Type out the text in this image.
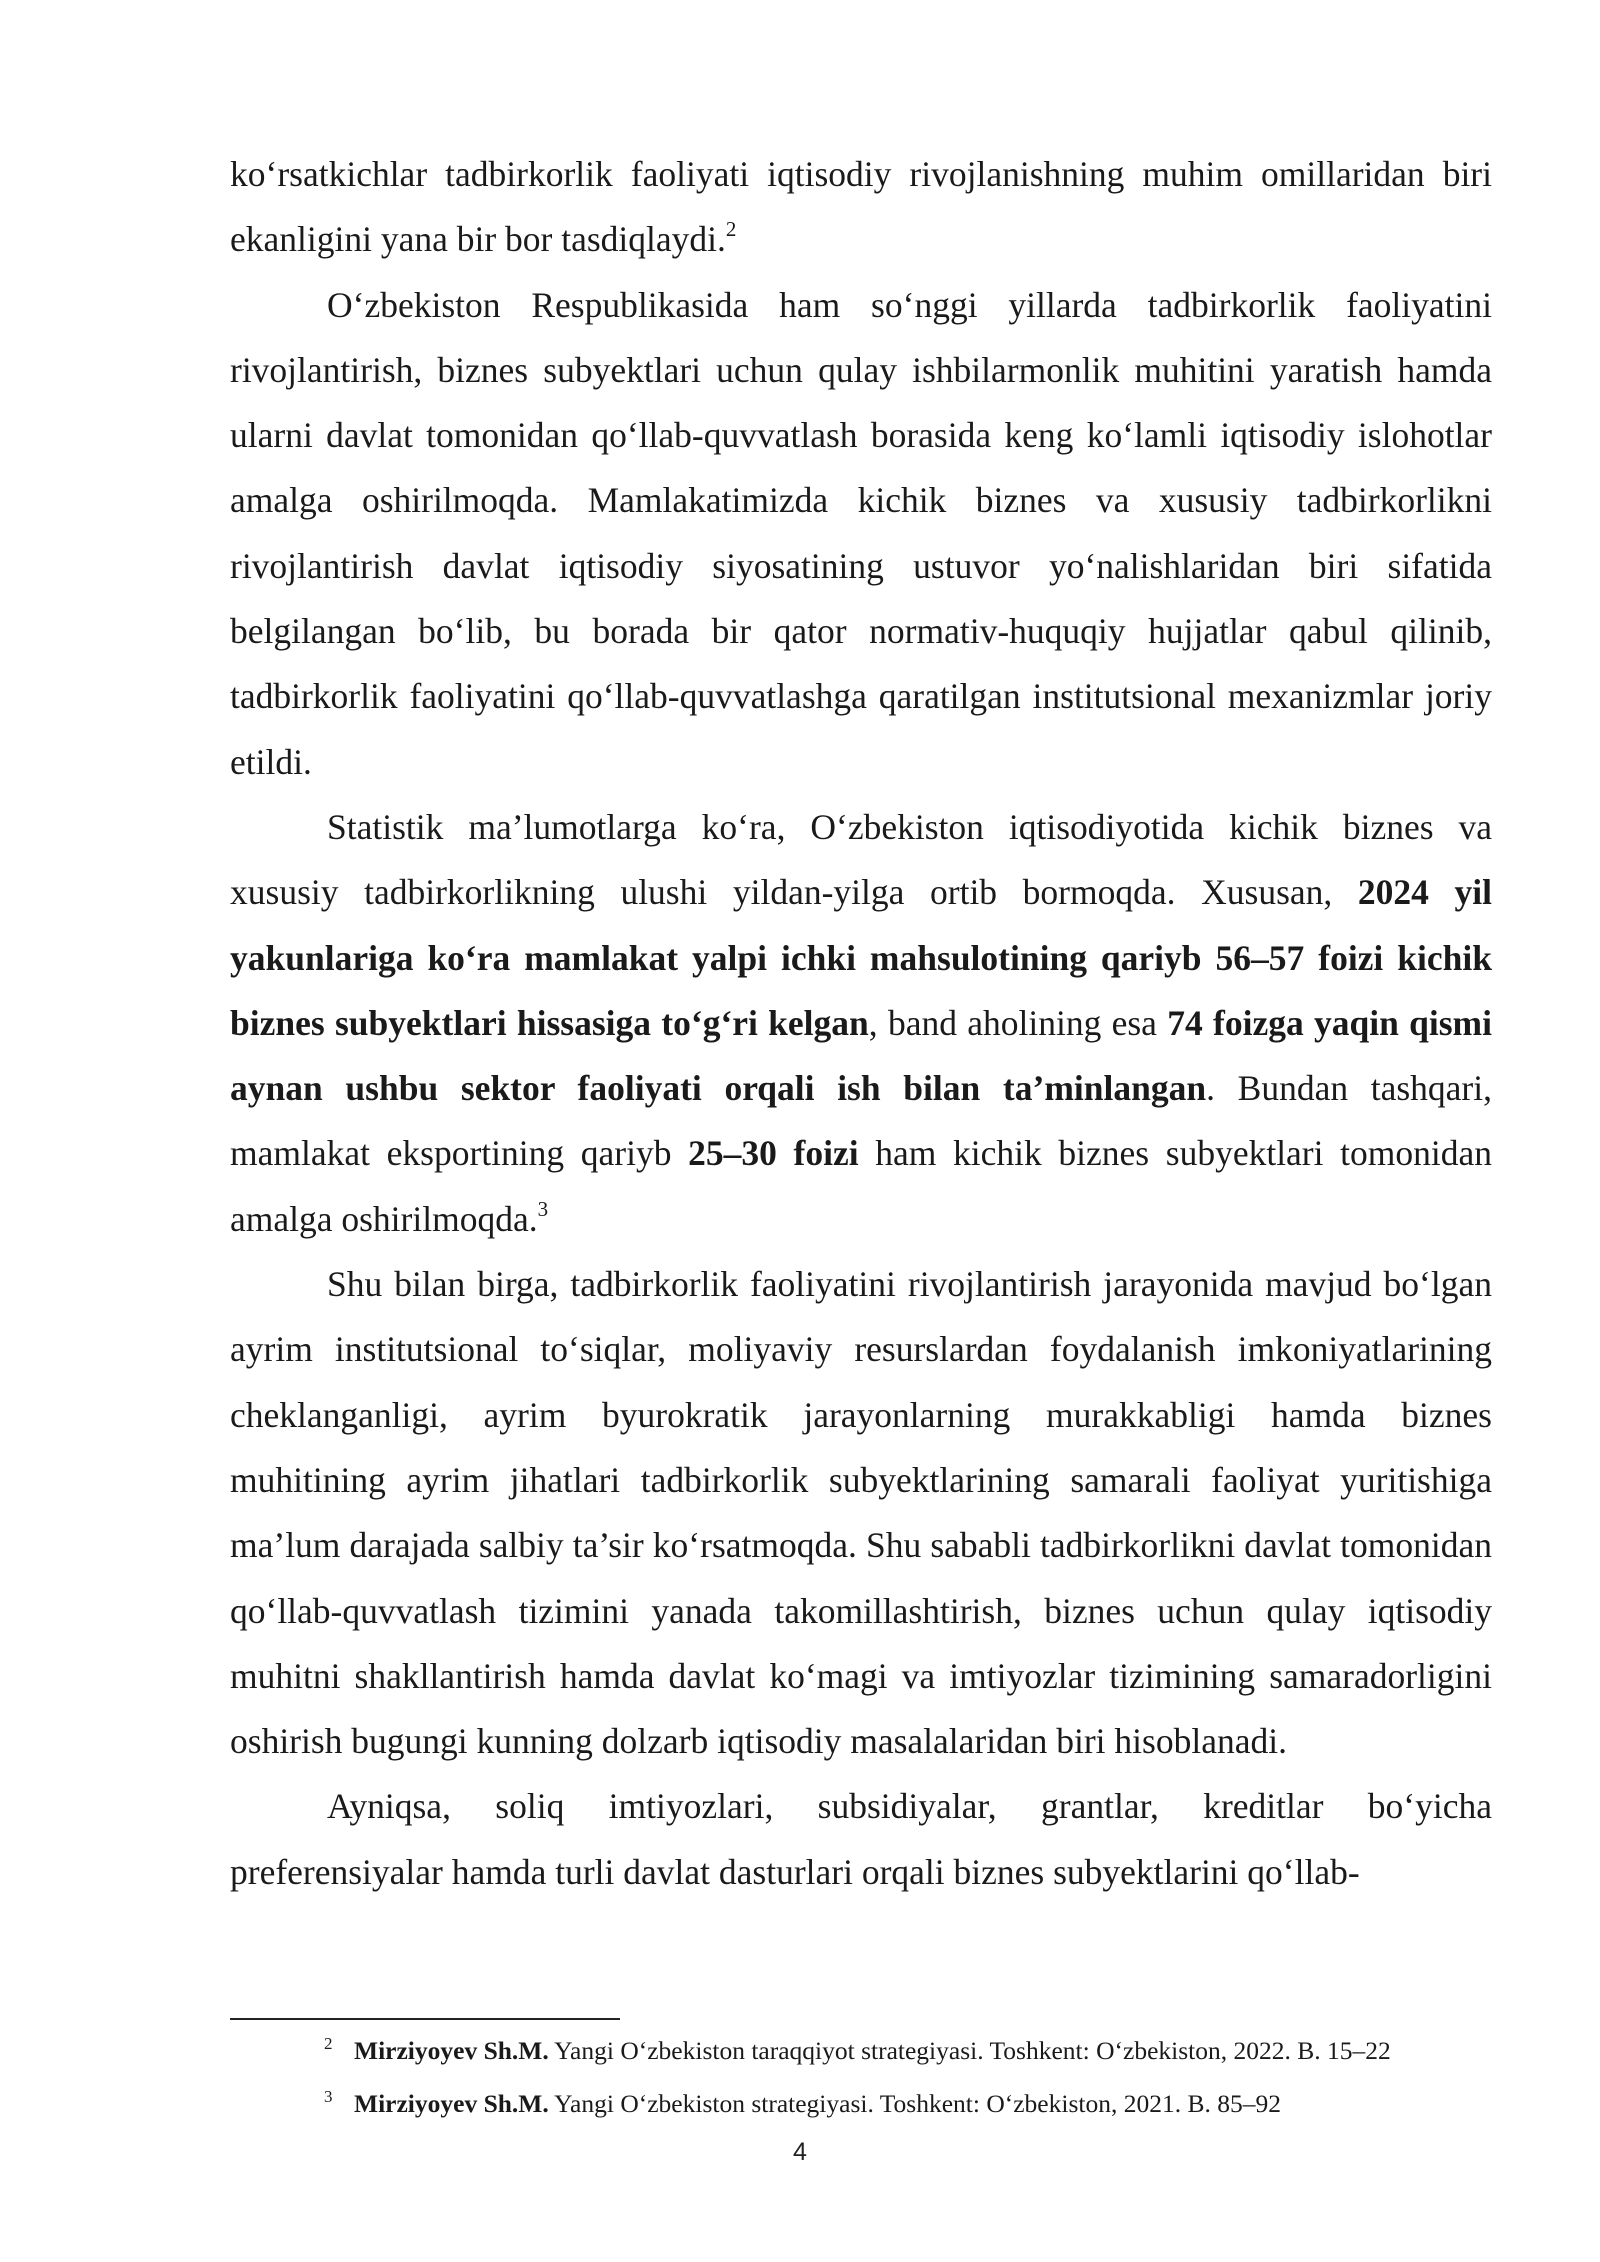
ko‘rsatkichlar tadbirkorlik faoliyati iqtisodiy rivojlanishning muhim omillaridan biri ekanligini yana bir bor tasdiqlaydi.$^2$

O‘zbekiston Respublikasida ham so‘nggi yillarda tadbirkorlik faoliyatini rivojlantirish, biznes subyektlari uchun qulay ishbilarmonlik muhitini yaratish hamda ularni davlat tomonidan qo‘llab-quvvatlash borasida keng ko‘lamli iqtisodiy islohotlar amalga oshirilmoqda. Mamlakatimizda kichik biznes va xususiy tadbirkorlikni rivojlantirish davlat iqtisodiy siyosatining ustuvor yo‘nalishlaridan biri sifatida belgilangan bo‘lib, bu borada bir qator normativ-huquqiy hujjatlar qabul qilinib, tadbirkorlik faoliyatini qo‘llab-quvvatlashga qaratilgan institutsional mexanizmlar joriy etildi.

Statistik ma’lumotlarga ko‘ra, O‘zbekiston iqtisodiyotida kichik biznes va xususiy tadbirkorlikning ulushi yildan-yilga ortib bormoqda. Xususan, 2024 yil yakunlariga ko‘ra mamlakat yalpi ichki mahsulotining qariyb 56–57 foizi kichik biznes subyektlari hissasiga to‘g‘ri kelgan, band aholining esa 74 foizga yaqin qismi aynan ushbu sektor faoliyati orqali ish bilan ta’minlangan. Bundan tashqari, mamlakat eksportining qariyb 25–30 foizi ham kichik biznes subyektlari tomonidan amalga oshirilmoqda.$^3$

Shu bilan birga, tadbirkorlik faoliyatini rivojlantirish jarayonida mavjud bo‘lgan ayrim institutsional to‘siqlar, moliyaviy resurslardan foydalanish imkoniyatlarining cheklanganligi, ayrim byurokratik jarayonlarning murakkabligi hamda biznes muhitining ayrim jihatlari tadbirkorlik subyektlarining samarali faoliyat yuritishiga ma’lum darajada salbiy ta’sir ko‘rsatmoqda. Shu sababli tadbirkorlikni davlat tomonidan qo‘llab-quvvatlash tizimini yanada takomillashtirish, biznes uchun qulay iqtisodiy muhitni shakllantirish hamda davlat ko‘magi va imtiyozlar tizimining samaradorligini oshirish bugungi kunning dolzarb iqtisodiy masalalaridan biri hisoblanadi.

Ayniqsa, soliq imtiyozlari, subsidiyalar, grantlar, kreditlar bo‘yicha preferensiyalar hamda turli davlat dasturlari orqali biznes subyektlarini qo‘llab-

2 Mirziyoyev Sh.M. Yangi O‘zbekiston taraqqiyot strategiyasi. Toshkent: O‘zbekiston, 2022. B. 15–22
3 Mirziyoyev Sh.M. Yangi O‘zbekiston strategiyasi. Toshkent: O‘zbekiston, 2021. B. 85–92
4
